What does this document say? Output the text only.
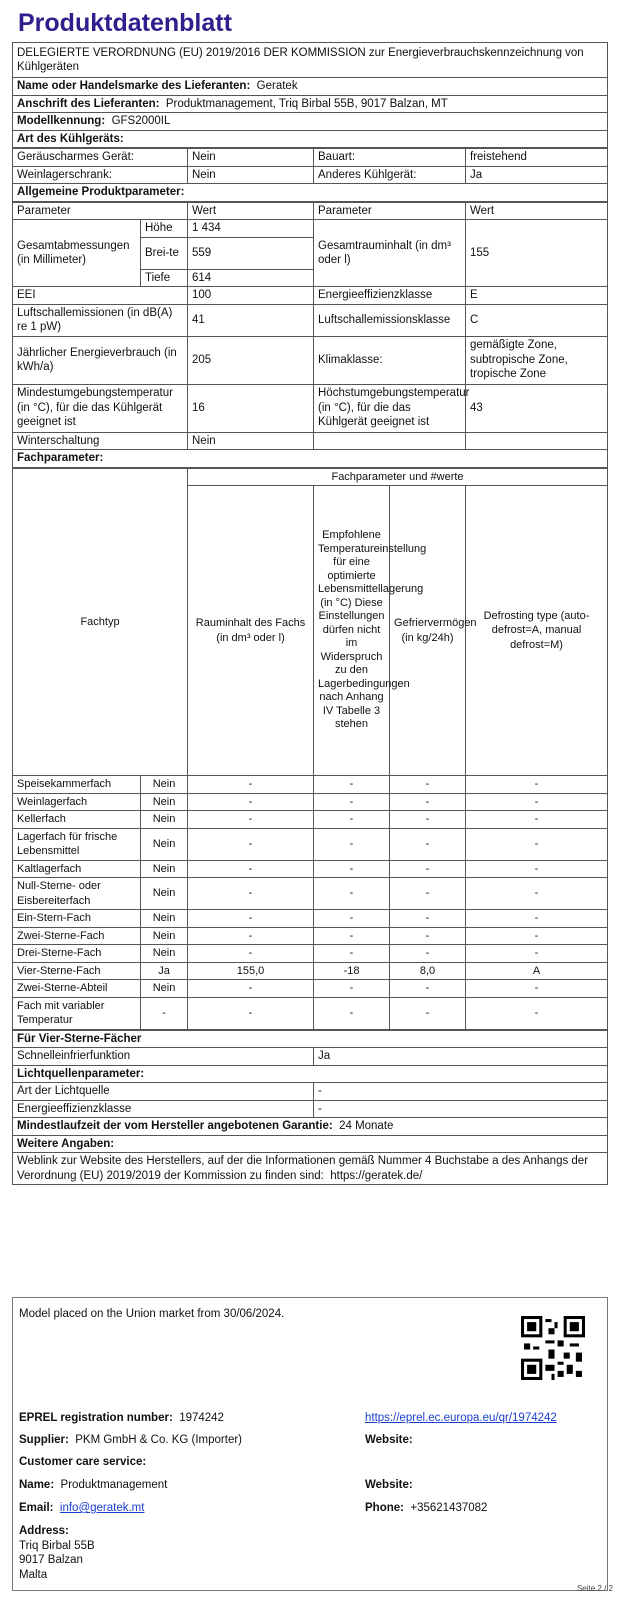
Produktdatenblatt
DELEGIERTE VERORDNUNG (EU) 2019/2016 DER KOMMISSION zur Energieverbrauchskennzeichnung von Kühlgeräten
Name oder Handelsmarke des Lieferanten: Geratek
Anschrift des Lieferanten: Produktmanagement, Triq Birbal 55B, 9017 Balzan, MT
Modellkennung: GFS2000IL
Art des Kühlgeräts:
Geräuscharmes Gerät:	Nein	Bauart:	freistehend
Weinlagerschrank:	Nein	Anderes Kühlgerät:	Ja
Allgemeine Produktparameter:			
Parameter		Wert	Parameter	Wert
Gesamtabmessungen (in Millimeter)	Höhe	1 434	Gesamtrauminhalt (in dm³ oder l)	155
	Brei-te	559		
	Tiefe	614		
EEI		100	Energieeffizienzklasse	E
Luftschallemissionen (in dB(A) re 1 pW)		41	Luftschallemissionsklasse	C
Jährlicher Energieverbrauch (in kWh/a)		205	Klimaklasse:	gemäßigte Zone, subtropische Zone, tropische Zone
Mindestumgebungstemperatur (in °C), für die das Kühlgerät geeignet ist		16	Höchstumgebungstemperatur (in °C), für die das Kühlgerät geeignet ist	43
Winterschaltung		Nein		
Fachparameter:				
Fachtyp		Fachparameter und #werte			
		Rauminhalt des Fachs (in dm³ oder l)	Empfohlene Temperatureinstellung für eine optimierte Lebensmittellagerung (in °C) Diese Einstellungen dürfen nicht im Widerspruch zu den Lagerbedingungen nach Anhang IV Tabelle 3 stehen	Gefriervermögen (in kg/24h)	Defrosting type (auto-defrost=A, manual defrost=M)
Speisekammerfach	Nein	-	-	-	-
Weinlagerfach	Nein	-	-	-	-
Kellerfach	Nein	-	-	-	-
Lagerfach für frische Lebensmittel	Nein	-	-	-	-
Kaltlagerfach	Nein	-	-	-	-
Null-Sterne- oder Eisbereiterfach	Nein	-	-	-	-
Ein-Stern-Fach	Nein	-	-	-	-
Zwei-Sterne-Fach	Nein	-	-	-	-
Drei-Sterne-Fach	Nein	-	-	-	-
Vier-Sterne-Fach	Ja	155,0	-18	8,0	A
Zwei-Sterne-Abteil	Nein	-	-	-	-
Fach mit variabler Temperatur	-	-	-	-	-
Für Vier-Sterne-Fächer	
Schnelleinfrierfunktion	Ja
Lichtquellenparameter:	
Art der Lichtquelle	-
Energieeffizienzklasse	-
Mindestlaufzeit der vom Hersteller angebotenen Garantie: 24 Monate	
Weitere Angaben:	
Weblink zur Website des Herstellers, auf der die Informationen gemäß Nummer 4 Buchstabe a des Anhangs der Verordnung (EU) 2019/2019 der Kommission zu finden sind: https://geratek.de/	
Model placed on the Union market from 30/06/2024.
EPREL registration number: 1974242	https://eprel.ec.europa.eu/qr/1974242
Supplier: PKM GmbH & Co. KG (Importer)	Website:
Customer care service:
Name: Produktmanagement	Website:
Email: info@geratek.mt	Phone: +35621437082
Address:
Triq Birbal 55B
9017 Balzan
Malta
Seite 2 / 2
